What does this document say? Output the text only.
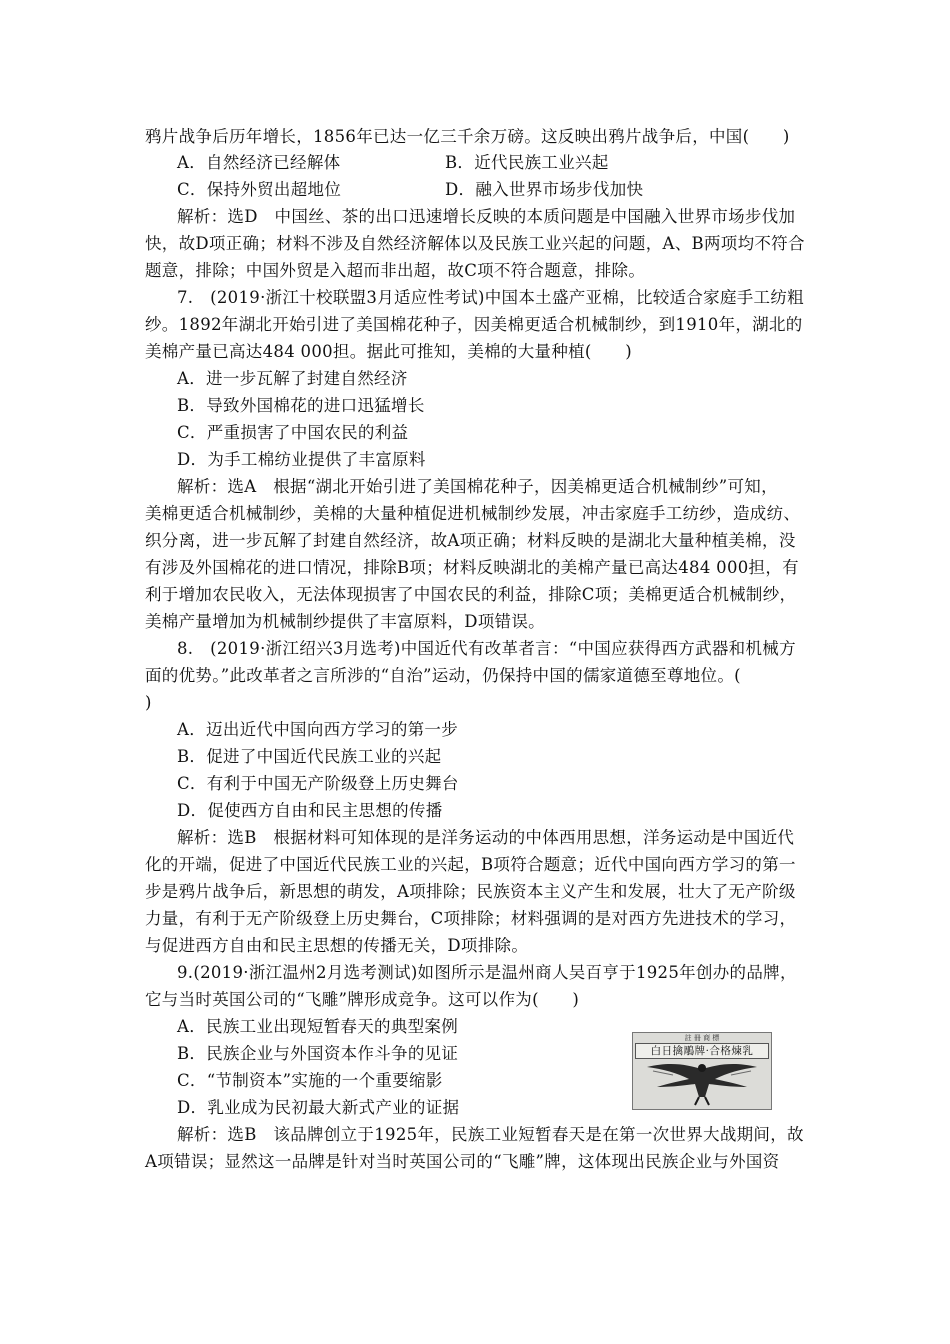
鸦片战争后历年增长，1856年已达一亿三千余万磅。这反映出鸦片战争后，中国(　　)
A．自然经济已经解体	B．近代民族工业兴起
C．保持外贸出超地位	D．融入世界市场步伐加快
解析：选D　中国丝、茶的出口迅速增长反映的本质问题是中国融入世界市场步伐加
快，故D项正确；材料不涉及自然经济解体以及民族工业兴起的问题，A、B两项均不符合
题意，排除；中国外贸是入超而非出超，故C项不符合题意，排除。
7.　(2019·浙江十校联盟3月适应性考试)中国本土盛产亚棉，比较适合家庭手工纺粗
纱。1892年湖北开始引进了美国棉花种子，因美棉更适合机械制纱，到1910年，湖北的
美棉产量已高达484 000担。据此可推知，美棉的大量种植(　　)
A．进一步瓦解了封建自然经济
B．导致外国棉花的进口迅猛增长
C．严重损害了中国农民的利益
D．为手工棉纺业提供了丰富原料
解析：选A　根据“湖北开始引进了美国棉花种子，因美棉更适合机械制纱”可知，
美棉更适合机械制纱，美棉的大量种植促进机械制纱发展，冲击家庭手工纺纱，造成纺、
织分离，进一步瓦解了封建自然经济，故A项正确；材料反映的是湖北大量种植美棉，没
有涉及外国棉花的进口情况，排除B项；材料反映湖北的美棉产量已高达484 000担，有
利于增加农民收入，无法体现损害了中国农民的利益，排除C项；美棉更适合机械制纱，
美棉产量增加为机械制纱提供了丰富原料，D项错误。
8.　(2019·浙江绍兴3月选考)中国近代有改革者言：“中国应获得西方武器和机械方
面的优势。”此改革者之言所涉的“自治”运动，仍保持中国的儒家道德至尊地位。(
)
A．迈出近代中国向西方学习的第一步
B．促进了中国近代民族工业的兴起
C．有利于中国无产阶级登上历史舞台
D．促使西方自由和民主思想的传播
解析：选B　根据材料可知体现的是洋务运动的中体西用思想，洋务运动是中国近代
化的开端，促进了中国近代民族工业的兴起，B项符合题意；近代中国向西方学习的第一
步是鸦片战争后，新思想的萌发，A项排除；民族资本主义产生和发展，壮大了无产阶级
力量，有利于无产阶级登上历史舞台，C项排除；材料强调的是对西方先进技术的学习，
与促进西方自由和民主思想的传播无关，D项排除。
9.(2019·浙江温州2月选考测试)如图所示是温州商人吴百亨于1925年创办的品牌，
它与当时英国公司的“飞雕”牌形成竞争。这可以作为(　　)
A．民族工业出现短暂春天的典型案例
B．民族企业与外国资本作斗争的见证
C．“节制资本”实施的一个重要缩影
D．乳业成为民初最大新式产业的证据
解析：选B　该品牌创立于1925年，民族工业短暂春天是在第一次世界大战期间，故
A项错误；显然这一品牌是针对当时英国公司的“飞雕”牌，这体现出民族企业与外国资
註 冊 商 標
白日擒鵰牌·合格煉乳
